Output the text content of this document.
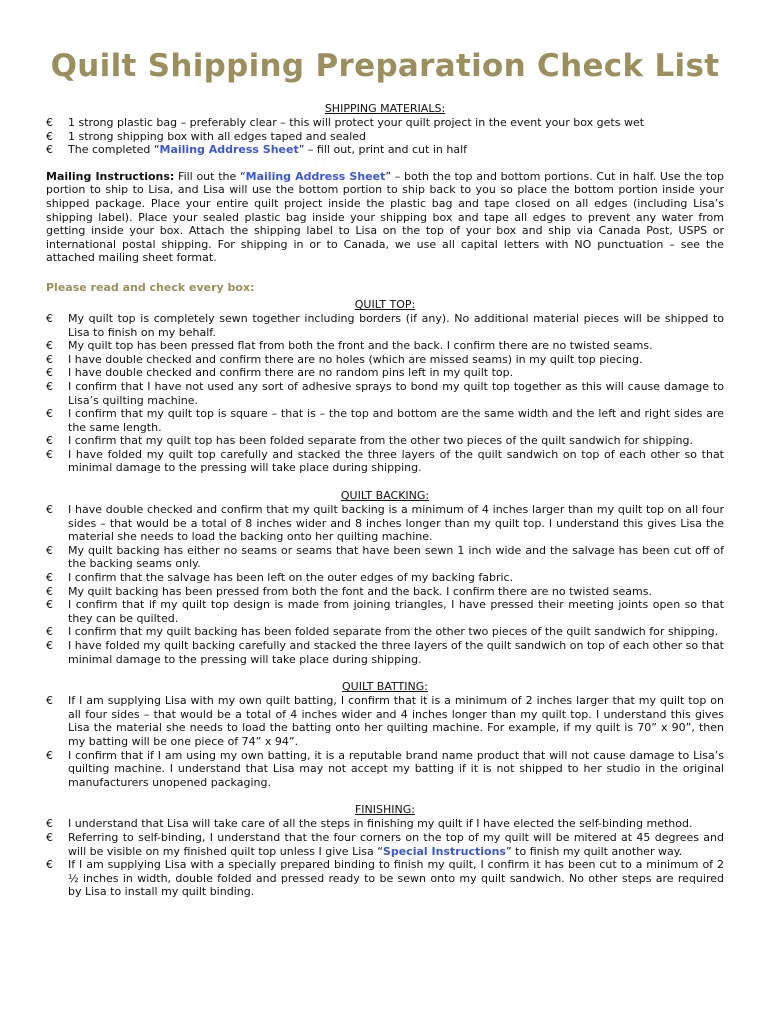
Quilt Shipping Preparation Check List

SHIPPING MATERIALS:

€	1 strong plastic bag – preferably clear – this will protect your quilt project in the event your box gets wet
€	1 strong shipping box with all edges taped and sealed
€	The completed “Mailing Address Sheet” – fill out, print and cut in half

Mailing Instructions: Fill out the “Mailing Address Sheet” – both the top and bottom portions. Cut in half. Use the top portion to ship to Lisa, and Lisa will use the bottom portion to ship back to you so place the bottom portion inside your shipped package. Place your entire quilt project inside the plastic bag and tape closed on all edges (including Lisa’s shipping label). Place your sealed plastic bag inside your shipping box and tape all edges to prevent any water from getting inside your box. Attach the shipping label to Lisa on the top of your box and ship via Canada Post, USPS or international postal shipping. For shipping in or to Canada, we use all capital letters with NO punctuation – see the attached mailing sheet format.

Please read and check every box:

QUILT TOP:

€	My quilt top is completely sewn together including borders (if any). No additional material pieces will be shipped to Lisa to finish on my behalf.
€	My quilt top has been pressed flat from both the front and the back. I confirm there are no twisted seams.
€	I have double checked and confirm there are no holes (which are missed seams) in my quilt top piecing.
€	I have double checked and confirm there are no random pins left in my quilt top.
€	I confirm that I have not used any sort of adhesive sprays to bond my quilt top together as this will cause damage to Lisa’s quilting machine.
€	I confirm that my quilt top is square – that is – the top and bottom are the same width and the left and right sides are the same length.
€	I confirm that my quilt top has been folded separate from the other two pieces of the quilt sandwich for shipping.
€	I have folded my quilt top carefully and stacked the three layers of the quilt sandwich on top of each other so that minimal damage to the pressing will take place during shipping.

QUILT BACKING:

€	I have double checked and confirm that my quilt backing is a minimum of 4 inches larger than my quilt top on all four sides – that would be a total of 8 inches wider and 8 inches longer than my quilt top. I understand this gives Lisa the material she needs to load the backing onto her quilting machine.
€	My quilt backing has either no seams or seams that have been sewn 1 inch wide and the salvage has been cut off of the backing seams only.
€	I confirm that the salvage has been left on the outer edges of my backing fabric.
€	My quilt backing has been pressed from both the font and the back. I confirm there are no twisted seams.
€	I confirm that if my quilt top design is made from joining triangles, I have pressed their meeting joints open so that they can be quilted.
€	I confirm that my quilt backing has been folded separate from the other two pieces of the quilt sandwich for shipping.
€	I have folded my quilt backing carefully and stacked the three layers of the quilt sandwich on top of each other so that minimal damage to the pressing will take place during shipping.

QUILT BATTING:

€	If I am supplying Lisa with my own quilt batting, I confirm that it is a minimum of 2 inches larger that my quilt top on all four sides – that would be a total of 4 inches wider and 4 inches longer than my quilt top. I understand this gives Lisa the material she needs to load the batting onto her quilting machine. For example, if my quilt is 70” x 90”, then my batting will be one piece of 74” x 94”.
€	I confirm that if I am using my own batting, it is a reputable brand name product that will not cause damage to Lisa’s quilting machine. I understand that Lisa may not accept my batting if it is not shipped to her studio in the original manufacturers unopened packaging.

FINISHING:

€	I understand that Lisa will take care of all the steps in finishing my quilt if I have elected the self-binding method.
€	Referring to self-binding, I understand that the four corners on the top of my quilt will be mitered at 45 degrees and will be visible on my finished quilt top unless I give Lisa “Special Instructions” to finish my quilt another way.
€	If I am supplying Lisa with a specially prepared binding to finish my quilt, I confirm it has been cut to a minimum of 2 ½ inches in width, double folded and pressed ready to be sewn onto my quilt sandwich. No other steps are required by Lisa to install my quilt binding.
